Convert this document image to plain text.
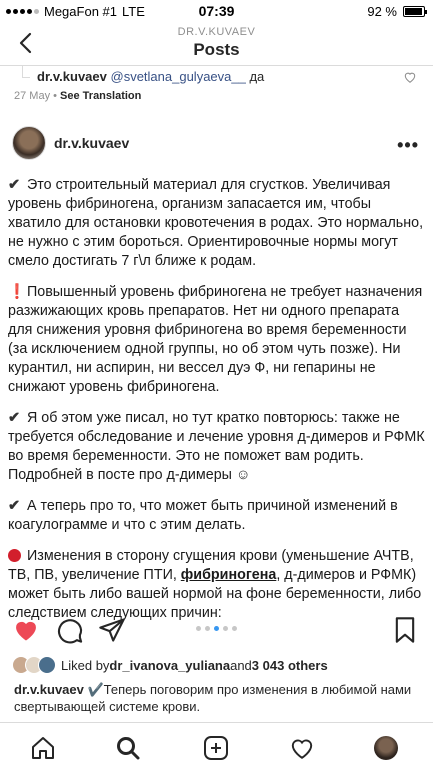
MegaFon #1 LTE	07:39	92 %
DR.V.KUVAEV
Posts
dr.v.kuvaev @svetlana_gulyaeva__ да
27 May • See Translation
dr.v.kuvaev	•••

✔ Это строительный материал для сгустков. Увеличивая уровень фибриногена, организм запасается им, чтобы хватило для остановки кровотечения в родах. Это нормально, не нужно с этим бороться. Ориентировочные нормы могут смело достигать 7 г\л ближе к родам.

❗ Повышенный уровень фибриногена не требует назначения разжижающих кровь препаратов. Нет ни одного препарата для снижения уровня фибриногена во время беременности (за исключением одной группы, но об этом чуть позже). Ни курантил, ни аспирин, ни вессел дуэ Ф, ни гепарины не снижают уровень фибриногена.

✔ Я об этом уже писал, но тут кратко повторюсь: также не требуется обследование и лечение уровня д-димеров и РФМК во время беременности. Это не поможет вам родить. Подробней в посте про д-димеры ☺

✔ А теперь про то, что может быть причиной изменений в коагулограмме и что с этим делать.

Изменения в сторону сгущения крови (уменьшение АЧТВ, ТВ, ПВ, увеличение ПТИ, фибриногена, д-димеров и РФМК) может быть либо вашей нормой на фоне беременности, либо следствием следующих причин:

Liked by dr_ivanova_yuliana and 3 043 others
dr.v.kuvaev ✔️Теперь поговорим про изменения в любимой нами свертывающей системе крови.
